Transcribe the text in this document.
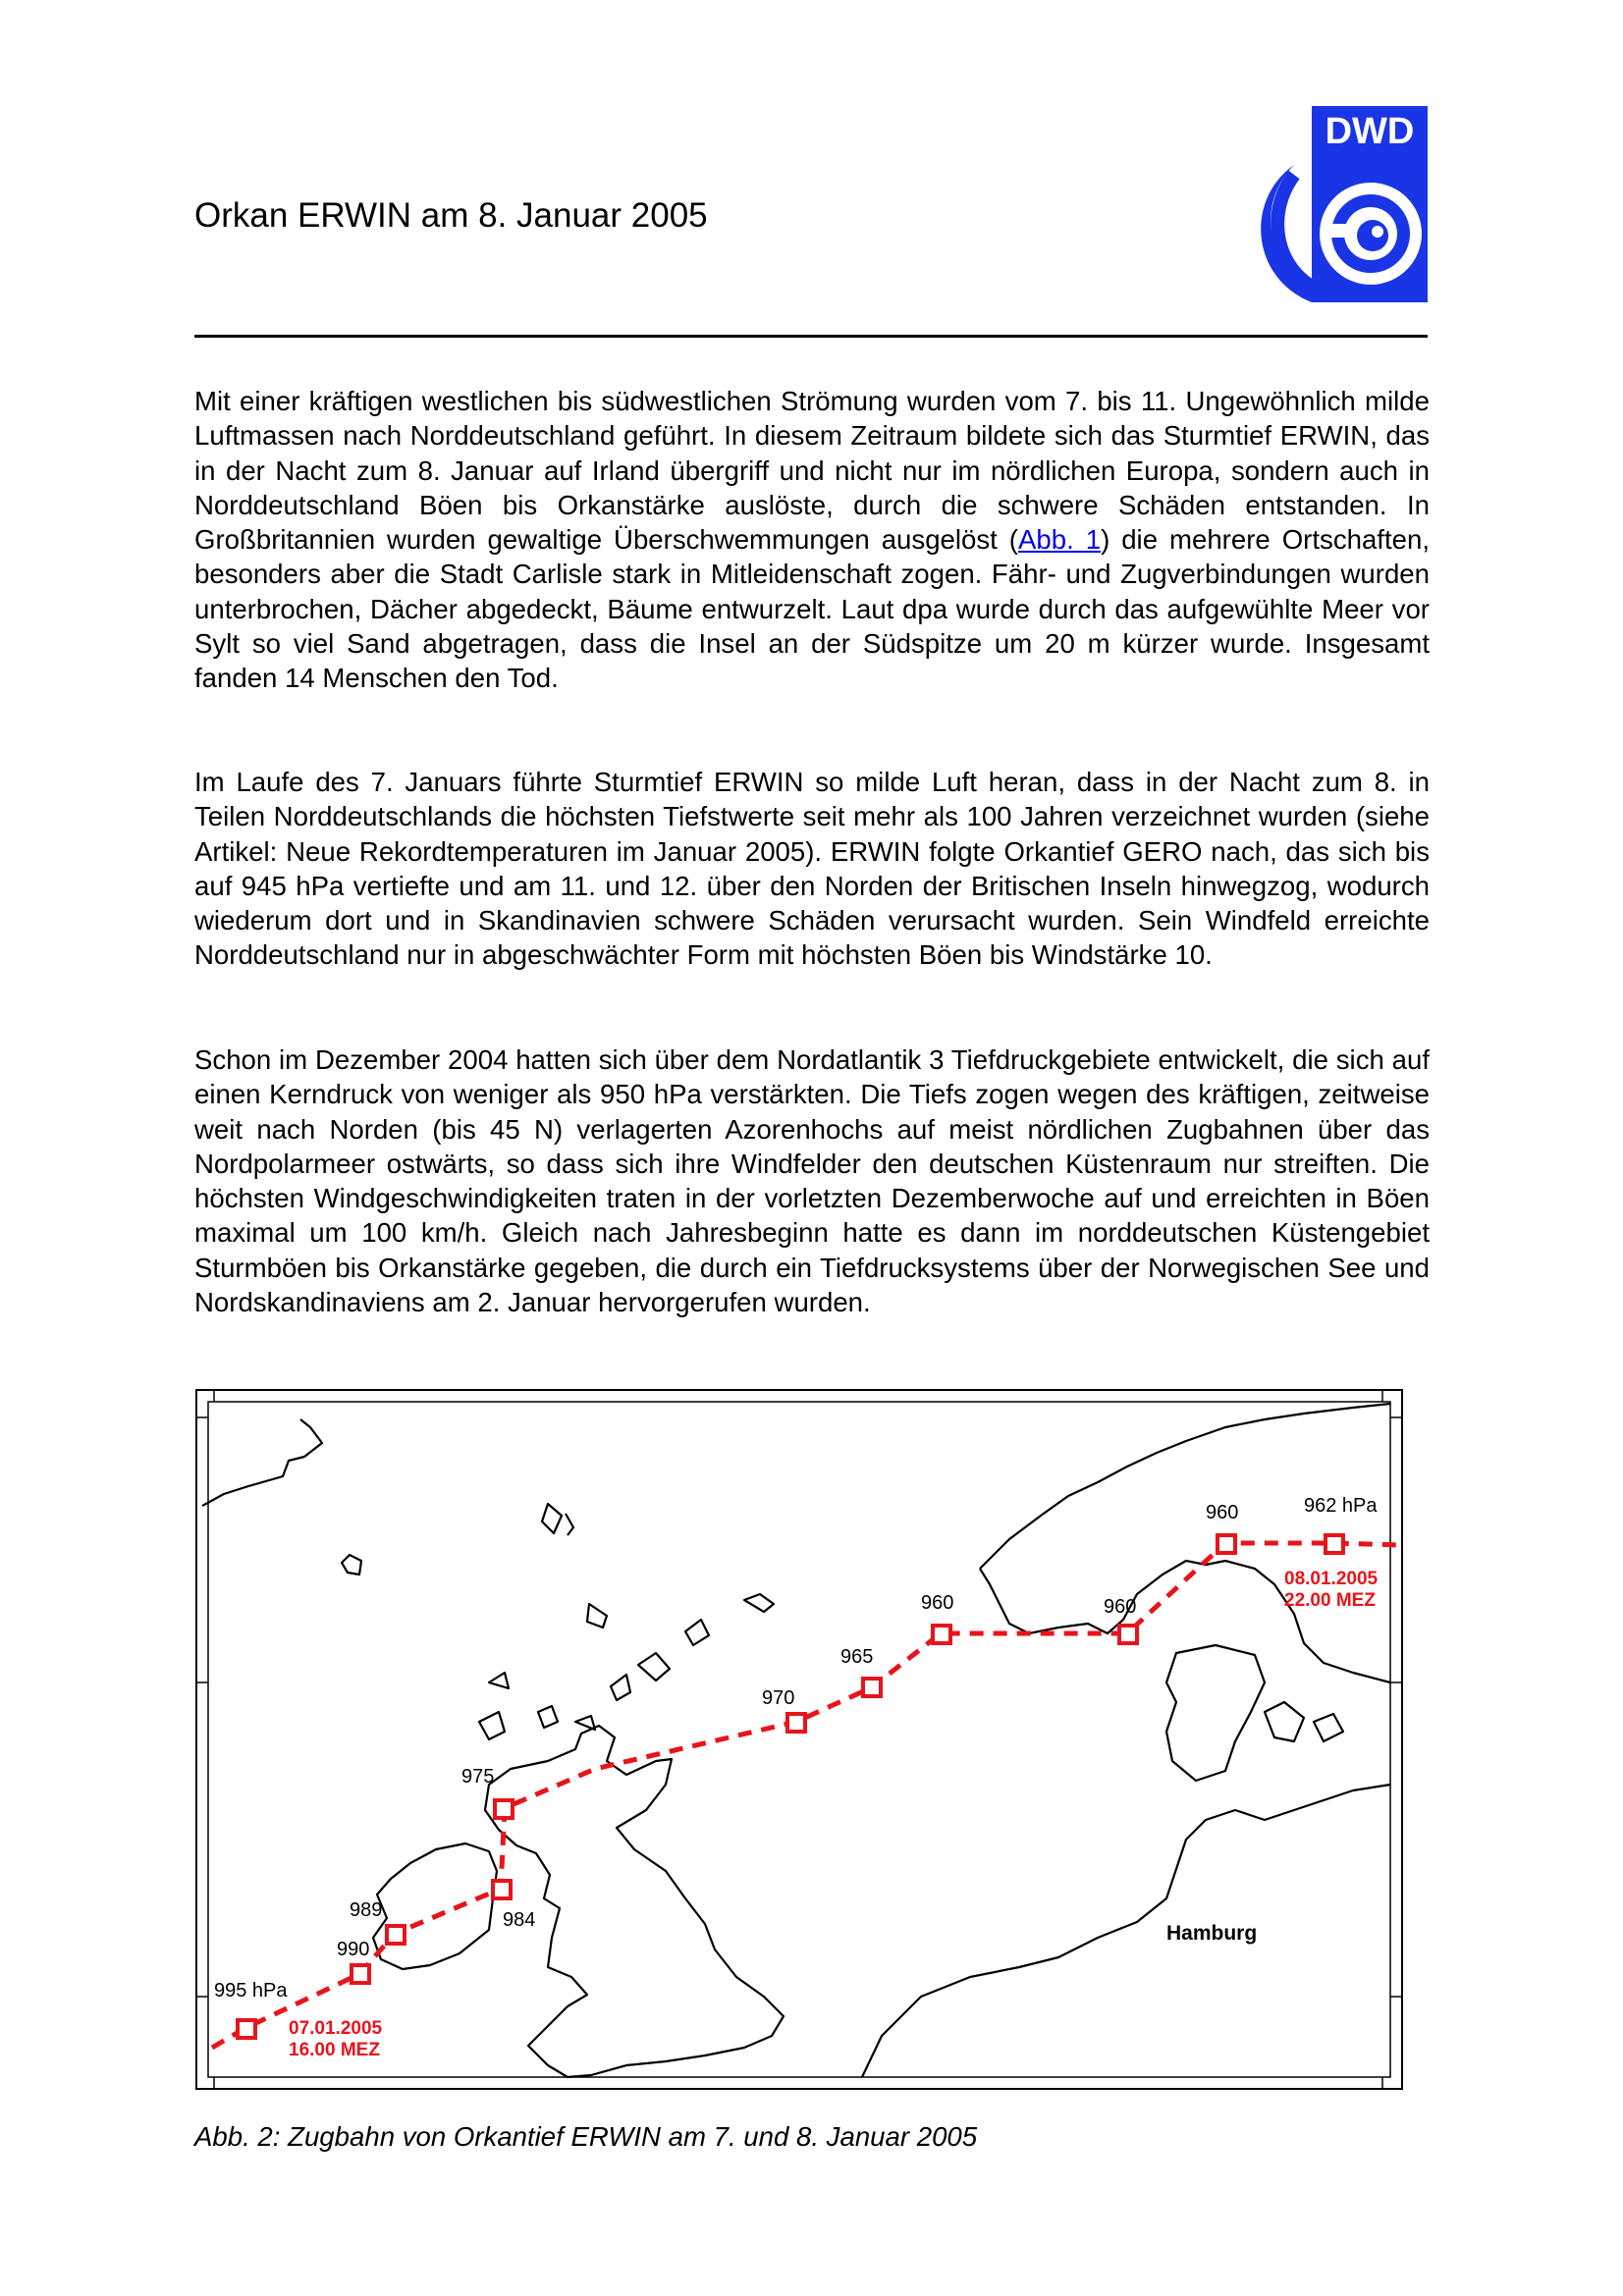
Orkan ERWIN am 8. Januar 2005
DWD

Mit einer kräftigen westlichen bis südwestlichen Strömung wurden vom 7. bis 11. Ungewöhnlich milde Luftmassen nach Norddeutschland geführt. In diesem Zeitraum bildete sich das Sturmtief ERWIN, das in der Nacht zum 8. Januar auf Irland übergriff und nicht nur im nördlichen Europa, sondern auch in Norddeutschland Böen bis Orkanstärke auslöste, durch die schwere Schäden entstanden. In Großbritannien wurden gewaltige Überschwemmungen ausgelöst (Abb. 1) die mehrere Ortschaften, besonders aber die Stadt Carlisle stark in Mitleidenschaft zogen. Fähr- und Zugverbindungen wurden unterbrochen, Dächer abgedeckt, Bäume entwurzelt. Laut dpa wurde durch das aufgewühlte Meer vor Sylt so viel Sand abgetragen, dass die Insel an der Südspitze um 20 m kürzer wurde. Insgesamt fanden 14 Menschen den Tod.

Im Laufe des 7. Januars führte Sturmtief ERWIN so milde Luft heran, dass in der Nacht zum 8. in Teilen Norddeutschlands die höchsten Tiefstwerte seit mehr als 100 Jahren verzeichnet wurden (siehe Artikel: Neue Rekordtemperaturen im Januar 2005). ERWIN folgte Orkantief GERO nach, das sich bis auf 945 hPa vertiefte und am 11. und 12. über den Norden der Britischen Inseln hinwegzog, wodurch wiederum dort und in Skandinavien schwere Schäden verursacht wurden. Sein Windfeld erreichte Norddeutschland nur in abgeschwächter Form mit höchsten Böen bis Windstärke 10.

Schon im Dezember 2004 hatten sich über dem Nordatlantik 3 Tiefdruckgebiete entwickelt, die sich auf einen Kerndruck von weniger als 950 hPa verstärkten. Die Tiefs zogen wegen des kräftigen, zeitweise weit nach Norden (bis 45 N) verlagerten Azorenhochs auf meist nördlichen Zugbahnen über das Nordpolarmeer ostwärts, so dass sich ihre Windfelder den deutschen Küstenraum nur streiften. Die höchsten Windgeschwindigkeiten traten in der vorletzten Dezemberwoche auf und erreichten in Böen maximal um 100 km/h. Gleich nach Jahresbeginn hatte es dann im norddeutschen Küstengebiet Sturmböen bis Orkanstärke gegeben, die durch ein Tiefdrucksystems über der Norwegischen See und Nordskandinaviens am 2. Januar hervorgerufen wurden.

995 hPa
990
989	984
975
970
965
960	960
960	962 hPa
07.01.2005
16.00 MEZ
08.01.2005
22.00 MEZ
Hamburg
Abb. 2: Zugbahn von Orkantief ERWIN am 7. und 8. Januar 2005
